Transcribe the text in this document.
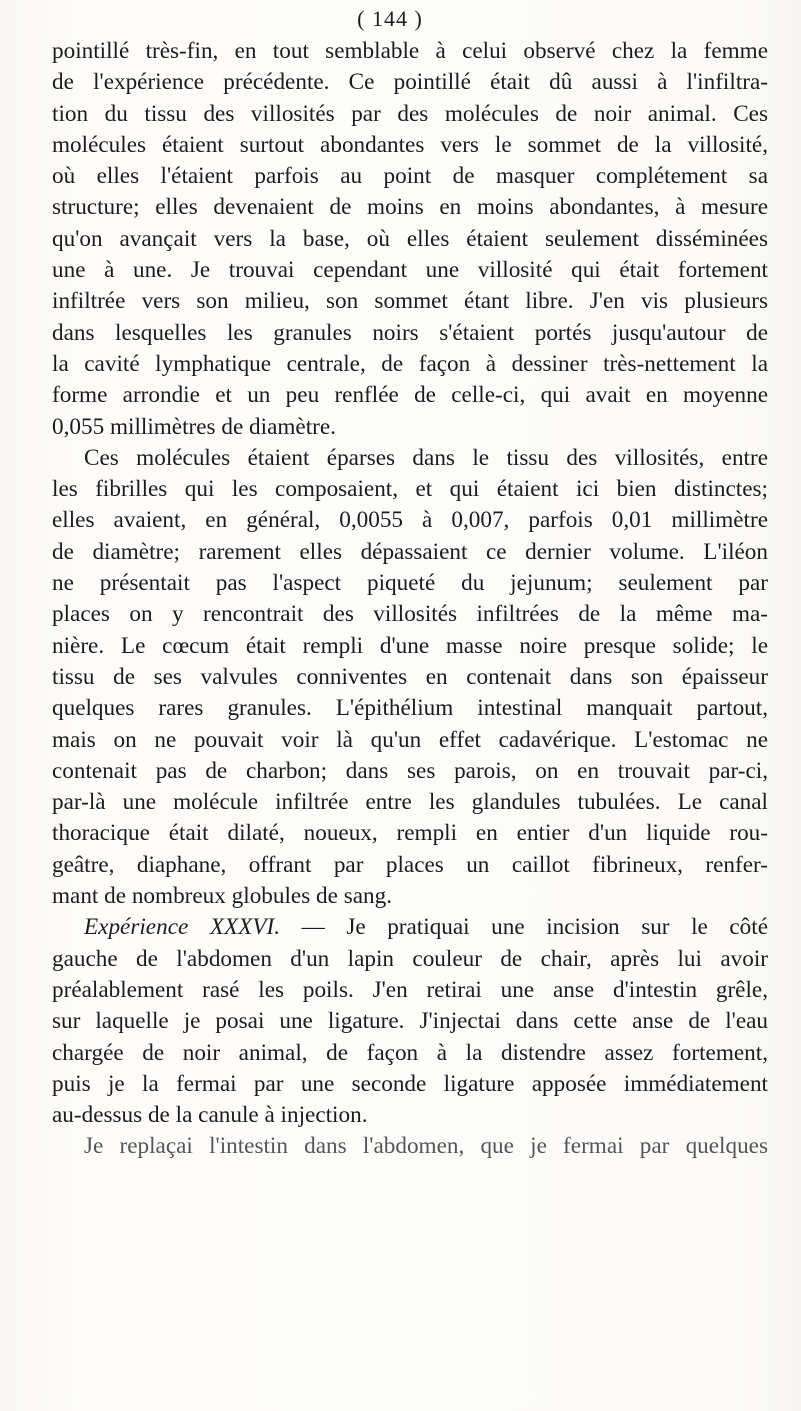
( 144 )
pointillé très-fin, en tout semblable à celui observé chez la femme
de l'expérience précédente. Ce pointillé était dû aussi à l'infiltra-
tion du tissu des villosités par des molécules de noir animal. Ces
molécules étaient surtout abondantes vers le sommet de la villosité,
où elles l'étaient parfois au point de masquer complétement sa
structure; elles devenaient de moins en moins abondantes, à mesure
qu'on avançait vers la base, où elles étaient seulement disséminées
une à une. Je trouvai cependant une villosité qui était fortement
infiltrée vers son milieu, son sommet étant libre. J'en vis plusieurs
dans lesquelles les granules noirs s'étaient portés jusqu'autour de
la cavité lymphatique centrale, de façon à dessiner très-nettement la
forme arrondie et un peu renflée de celle-ci, qui avait en moyenne
0,055 millimètres de diamètre.
Ces molécules étaient éparses dans le tissu des villosités, entre
les fibrilles qui les composaient, et qui étaient ici bien distinctes;
elles avaient, en général, 0,0055 à 0,007, parfois 0,01 millimètre
de diamètre; rarement elles dépassaient ce dernier volume. L'iléon
ne présentait pas l'aspect piqueté du jejunum; seulement par
places on y rencontrait des villosités infiltrées de la même ma-
nière. Le cœcum était rempli d'une masse noire presque solide; le
tissu de ses valvules conniventes en contenait dans son épaisseur
quelques rares granules. L'épithélium intestinal manquait partout,
mais on ne pouvait voir là qu'un effet cadavérique. L'estomac ne
contenait pas de charbon; dans ses parois, on en trouvait par-ci,
par-là une molécule infiltrée entre les glandules tubulées. Le canal
thoracique était dilaté, noueux, rempli en entier d'un liquide rou-
geâtre, diaphane, offrant par places un caillot fibrineux, renfer-
mant de nombreux globules de sang.
Expérience XXXVI. — Je pratiquai une incision sur le côté
gauche de l'abdomen d'un lapin couleur de chair, après lui avoir
préalablement rasé les poils. J'en retirai une anse d'intestin grêle,
sur laquelle je posai une ligature. J'injectai dans cette anse de l'eau
chargée de noir animal, de façon à la distendre assez fortement,
puis je la fermai par une seconde ligature apposée immédiatement
au-dessus de la canule à injection.
Je replaçai l'intestin dans l'abdomen, que je fermai par quelques
